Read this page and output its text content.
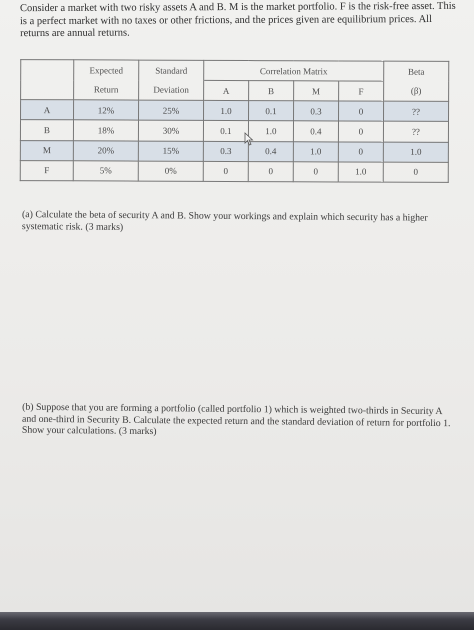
Consider a market with two risky assets A and B. M is the market portfolio. F is the risk-free asset. This is a perfect market with no taxes or other frictions, and the prices given are equilibrium prices. All returns are annual returns.
	Expected	Standard	Correlation Matrix				Beta
	Return	Deviation	A	B	M	F	(β)
A	12%	25%	1.0	0.1	0.3	0	??
B	18%	30%	0.1	1.0	0.4	0	??
M	20%	15%	0.3	0.4	1.0	0	1.0
F	5%	0%	0	0	0	1.0	0
(a) Calculate the beta of security A and B. Show your workings and explain which security has a higher systematic risk. (3 marks)
(b) Suppose that you are forming a portfolio (called portfolio 1) which is weighted two-thirds in Security A and one-third in Security B. Calculate the expected return and the standard deviation of return for portfolio 1. Show your calculations. (3 marks)
